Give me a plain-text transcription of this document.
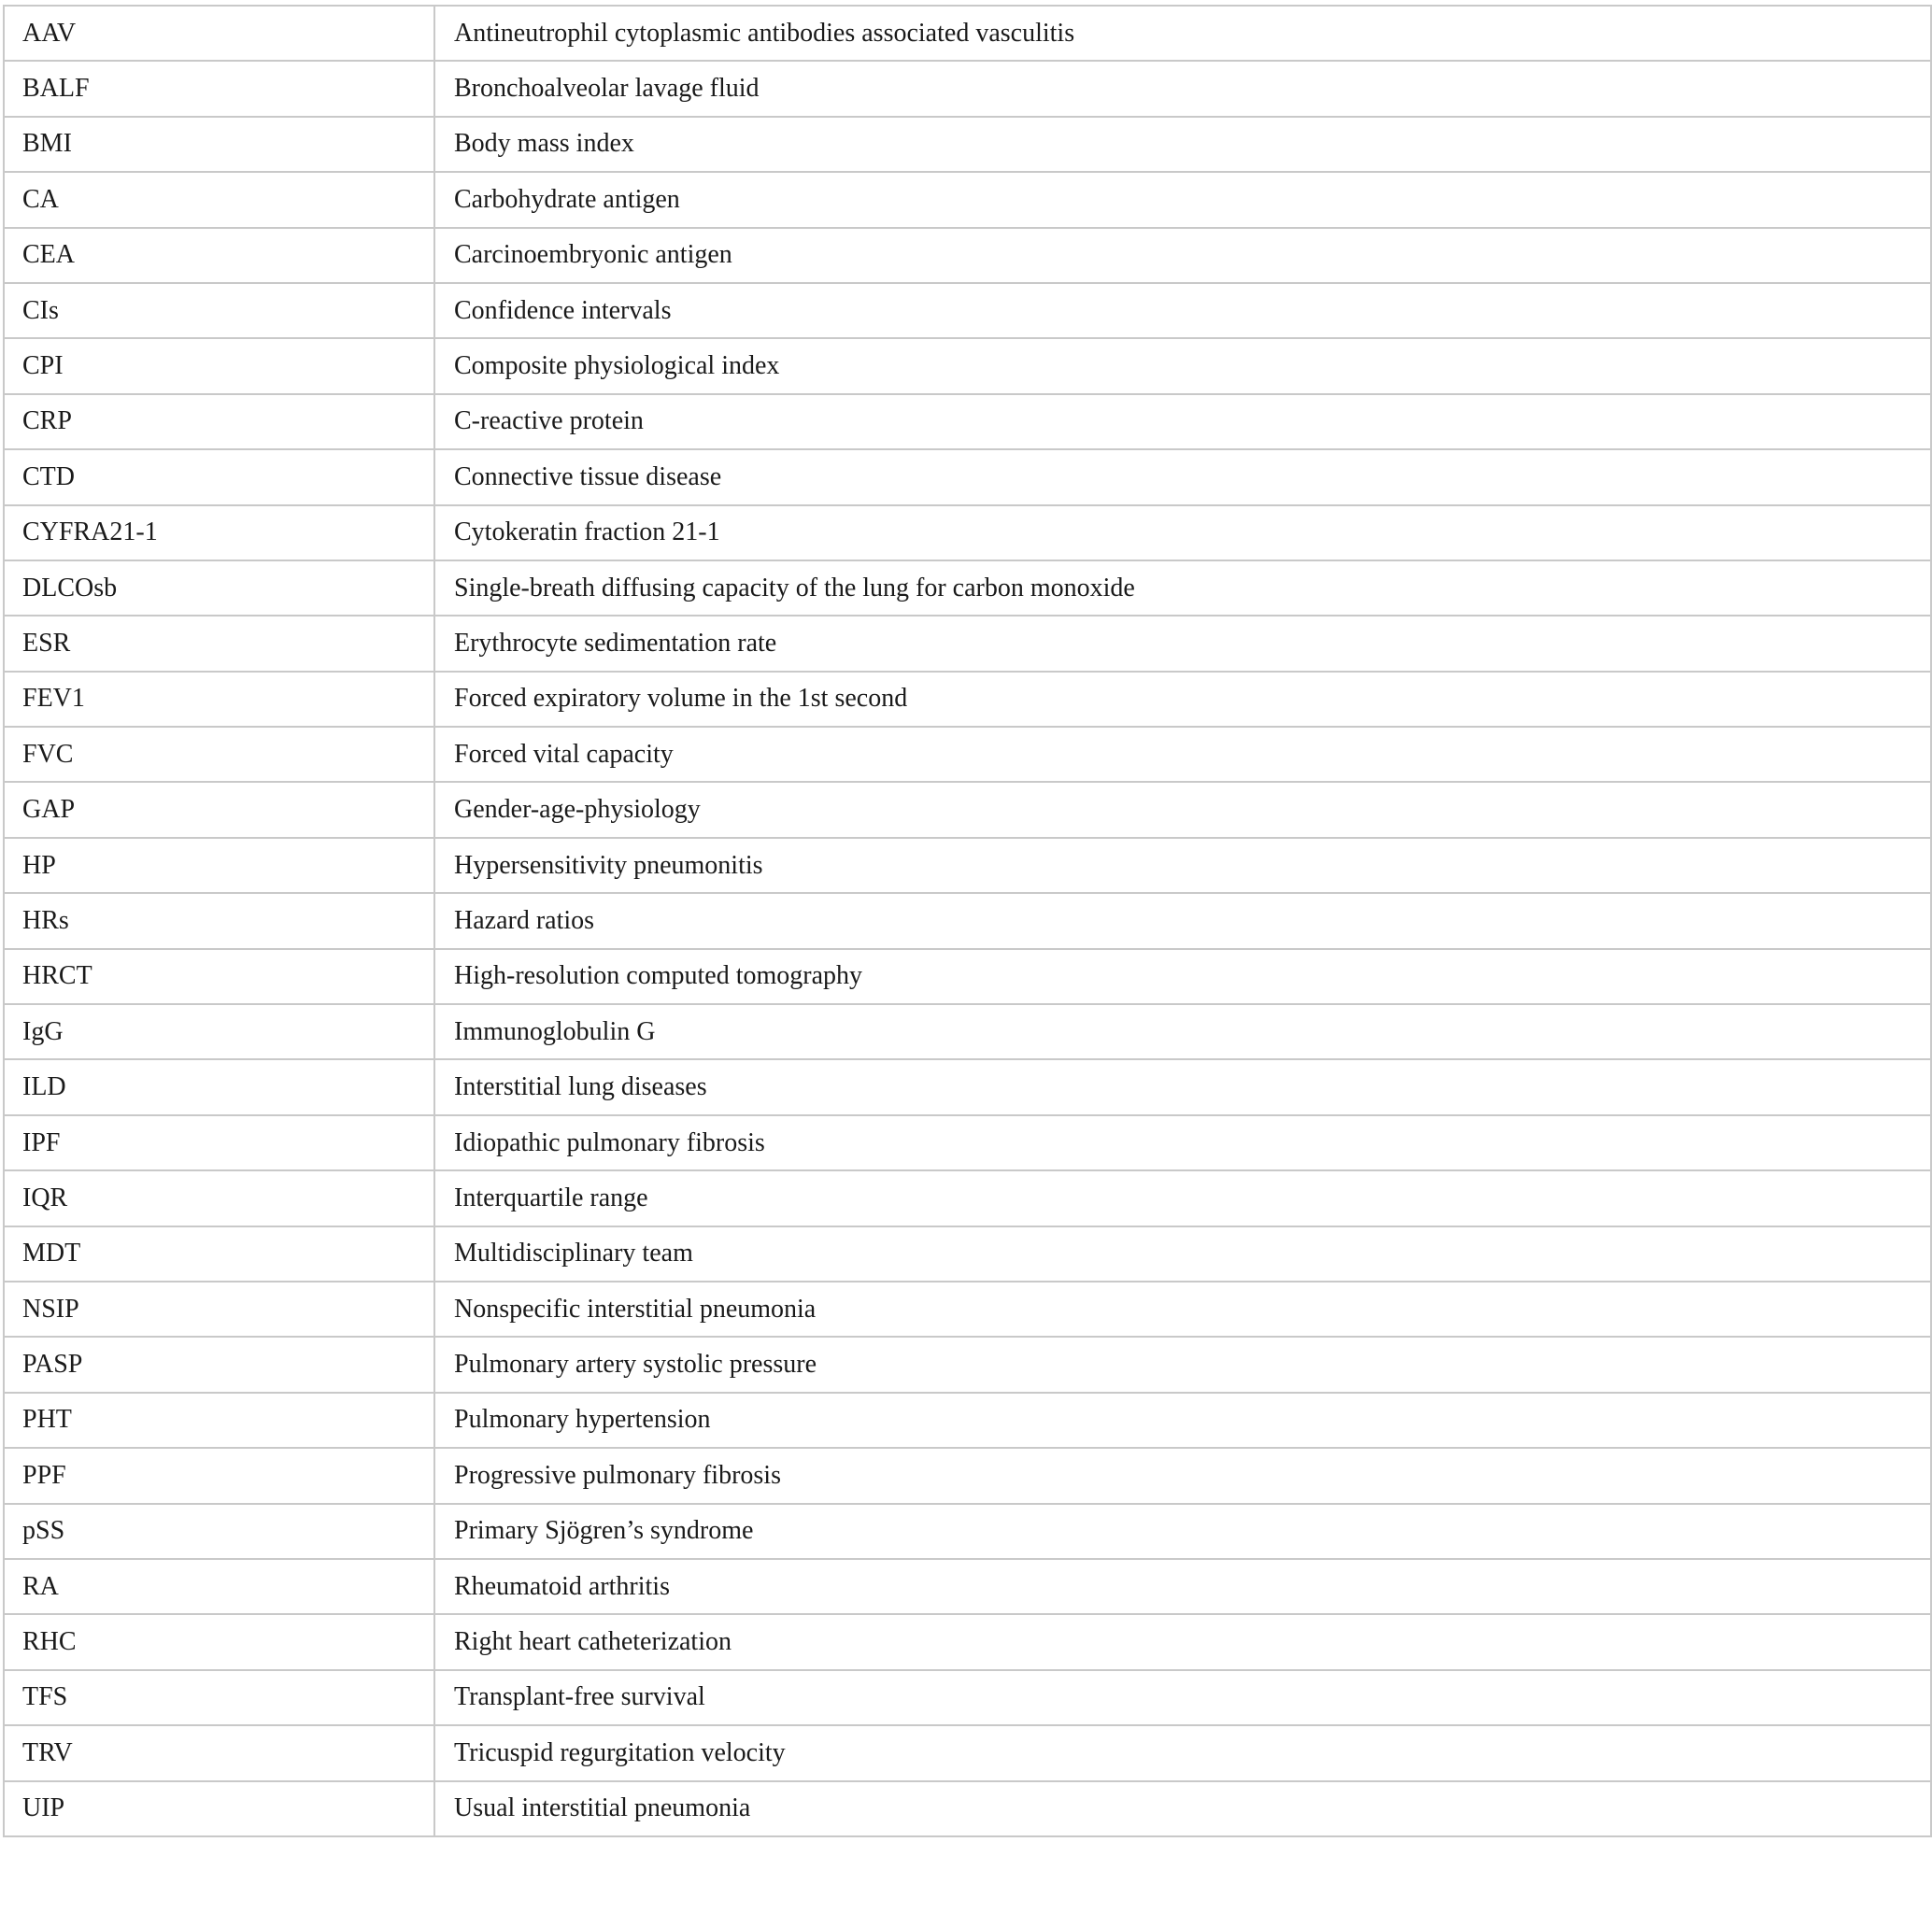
AAV	Antineutrophil cytoplasmic antibodies associated vasculitis
BALF	Bronchoalveolar lavage fluid
BMI	Body mass index
CA	Carbohydrate antigen
CEA	Carcinoembryonic antigen
CIs	Confidence intervals
CPI	Composite physiological index
CRP	C-reactive protein
CTD	Connective tissue disease
CYFRA21-1	Cytokeratin fraction 21-1
DLCOsb	Single-breath diffusing capacity of the lung for carbon monoxide
ESR	Erythrocyte sedimentation rate
FEV1	Forced expiratory volume in the 1st second
FVC	Forced vital capacity
GAP	Gender-age-physiology
HP	Hypersensitivity pneumonitis
HRs	Hazard ratios
HRCT	High-resolution computed tomography
IgG	Immunoglobulin G
ILD	Interstitial lung diseases
IPF	Idiopathic pulmonary fibrosis
IQR	Interquartile range
MDT	Multidisciplinary team
NSIP	Nonspecific interstitial pneumonia
PASP	Pulmonary artery systolic pressure
PHT	Pulmonary hypertension
PPF	Progressive pulmonary fibrosis
pSS	Primary Sjögren’s syndrome
RA	Rheumatoid arthritis
RHC	Right heart catheterization
TFS	Transplant-free survival
TRV	Tricuspid regurgitation velocity
UIP	Usual interstitial pneumonia
